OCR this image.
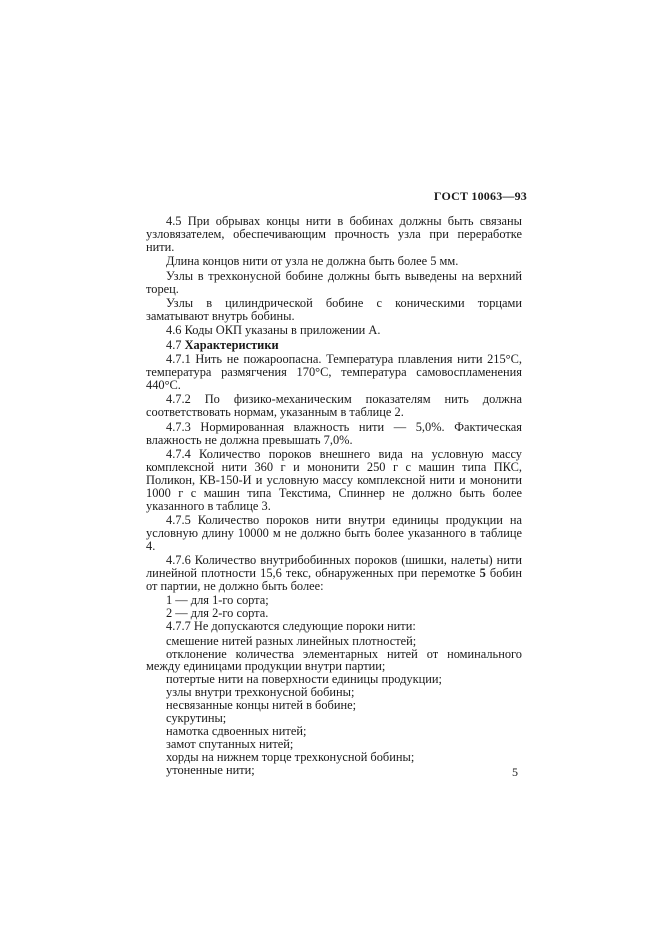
ГОСТ 10063—93

4.5 При обрывах концы нити в бобинах должны быть связаны узловязателем, обеспечивающим прочность узла при переработке нити.

Длина концов нити от узла не должна быть более 5 мм.

Узлы в трехконусной бобине должны быть выведены на верхний торец.

Узлы в цилиндрической бобине с коническими торцами заматывают внутрь бобины.

4.6 Коды ОКП указаны в приложении А.

4.7 Характеристики

4.7.1 Нить не пожароопасна. Температура плавления нити 215°С, температура размягчения 170°С, температура самовоспламенения 440°С.

4.7.2 По физико-механическим показателям нить должна соответствовать нормам, указанным в таблице 2.

4.7.3 Нормированная влажность нити — 5,0%. Фактическая влажность не должна превышать 7,0%.

4.7.4 Количество пороков внешнего вида на условную массу комплексной нити 360 г и мононити 250 г с машин типа ПКС, Поликон, КВ-150-И и условную массу комплексной нити и мононити 1000 г с машин типа Текстима, Спиннер не должно быть более указанного в таблице 3.

4.7.5 Количество пороков нити внутри единицы продукции на условную длину 10000 м не должно быть более указанного в таблице 4.

4.7.6 Количество внутрибобинных пороков (шишки, налеты) нити линейной плотности 15,6 текс, обнаруженных при перемотке 5 бобин от партии, не должно быть более:

1 — для 1-го сорта;

2 — для 2-го сорта.

4.7.7 Не допускаются следующие пороки нити:

смешение нитей разных линейных плотностей;

отклонение количества элементарных нитей от номинального между единицами продукции внутри партии;

потертые нити на поверхности единицы продукции;

узлы внутри трехконусной бобины;

несвязанные концы нитей в бобине;

сукрутины;

намотка сдвоенных нитей;

замот спутанных нитей;

хорды на нижнем торце трехконусной бобины;

утоненные нити;	5
